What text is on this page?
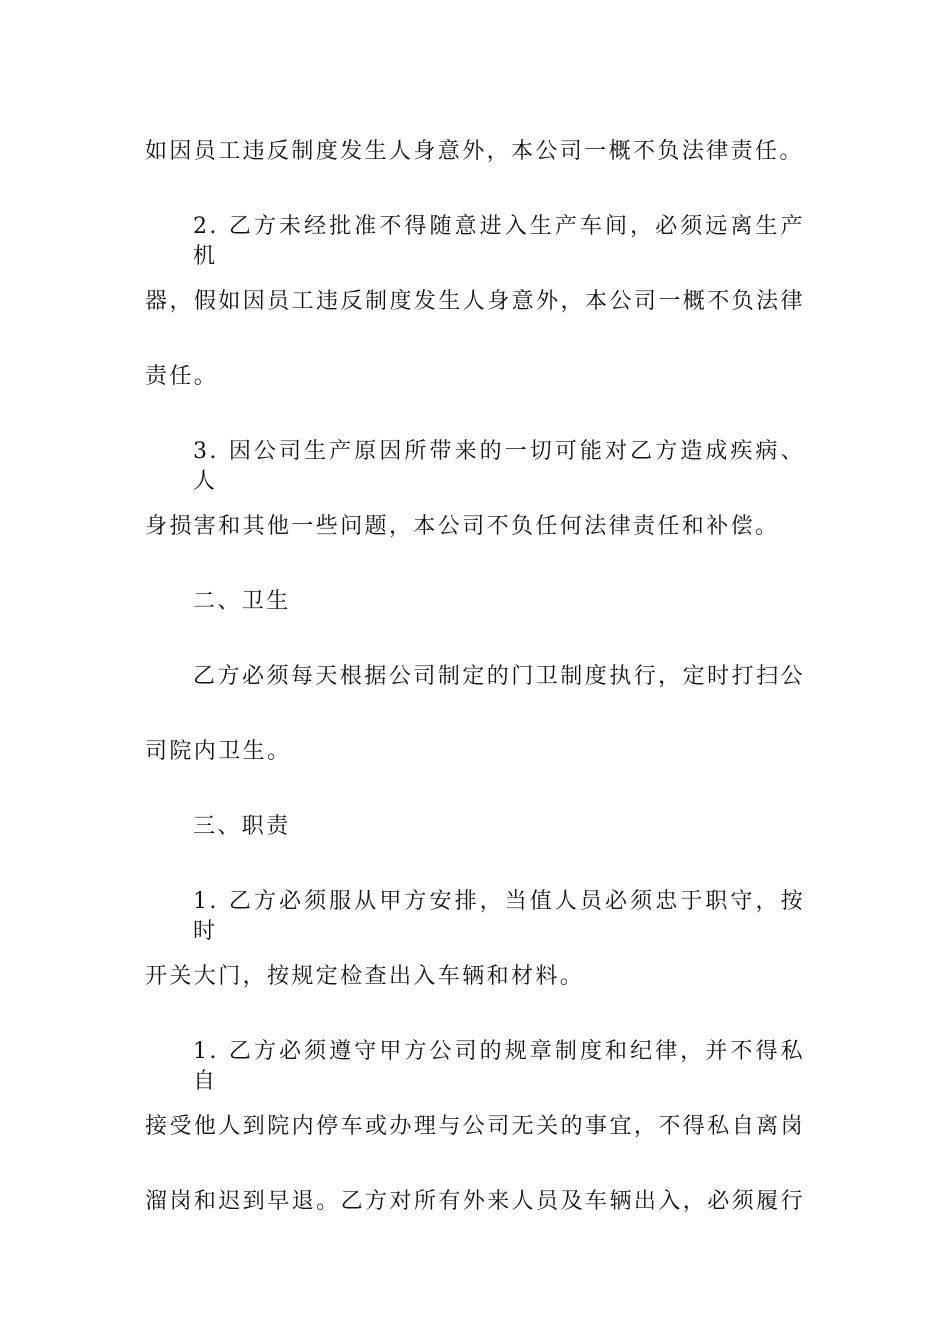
如因员工违反制度发生人身意外，本公司一概不负法律责任。
2. 乙方未经批准不得随意进入生产车间，必须远离生产机
器，假如因员工违反制度发生人身意外，本公司一概不负法律
责任。
3. 因公司生产原因所带来的一切可能对乙方造成疾病、人
身损害和其他一些问题，本公司不负任何法律责任和补偿。
二、卫生
乙方必须每天根据公司制定的门卫制度执行，定时打扫公
司院内卫生。
三、职责
1. 乙方必须服从甲方安排，当值人员必须忠于职守，按时
开关大门，按规定检查出入车辆和材料。
1. 乙方必须遵守甲方公司的规章制度和纪律，并不得私自
接受他人到院内停车或办理与公司无关的事宜，不得私自离岗
溜岗和迟到早退。乙方对所有外来人员及车辆出入，必须履行
